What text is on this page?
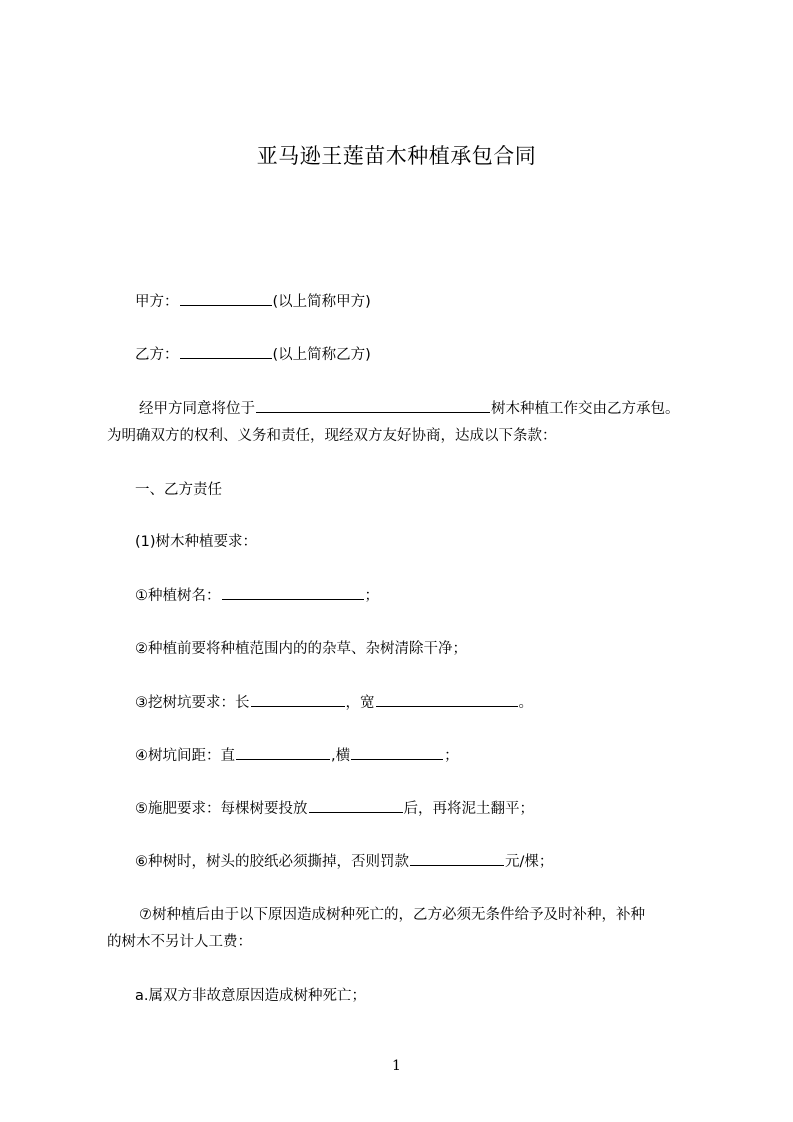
亚马逊王莲苗木种植承包合同
甲方：	(以上简称甲方)
乙方：	(以上简称乙方)
经甲方同意将位于	树木种植工作交由乙方承包。
为明确双方的权利、义务和责任，现经双方友好协商，达成以下条款：
一、乙方责任
(1)树木种植要求：
①种植树名：	；
②种植前要将种植范围内的的杂草、杂树清除干净；
③挖树坑要求：长	，宽	。
④树坑间距：直	,横	；
⑤施肥要求：每棵树要投放	后，再将泥土翻平；
⑥种树时，树头的胶纸必须撕掉，否则罚款	元/棵；
⑦树种植后由于以下原因造成树种死亡的，乙方必须无条件给予及时补种，补种
的树木不另计人工费：
a.属双方非故意原因造成树种死亡；
1
